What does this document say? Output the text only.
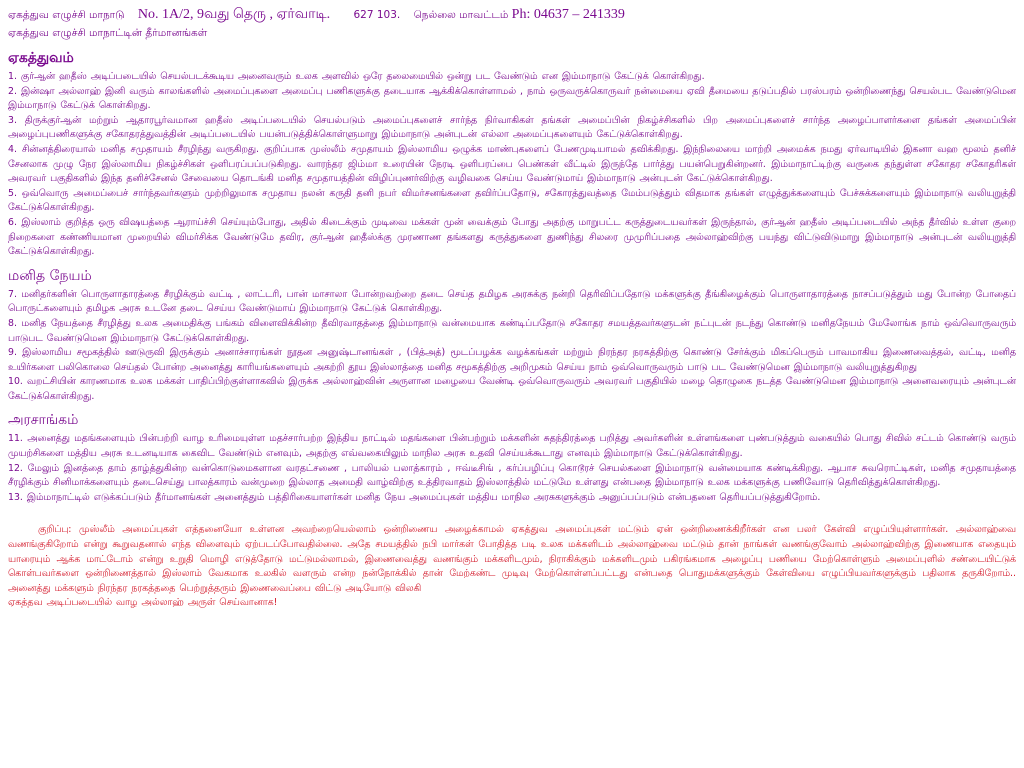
ஏகத்துவ எழுச்சி மாநாடு No. 1A/2, 9வது தெரு , ஏர்வாடி. 627 103. நெல்லை மாவட்டம் Ph: 04637 – 241339
ஏகத்துவ எழுச்சி மாநாட்டின் தீர்மானங்கள்
ஏகத்துவம்

1. குர்ஆன் ஹதீஸ் அடிப்படையில் செயல்படக்கூடிய அனைவரும் உலக அளவில் ஒரே தலைமையில் ஒன்று பட வேண்டும் என இம்மாநாடு கேட்டுக் கொள்கிறது.

2. இன்ஷா அல்லாஹ் இனி வரும் காலங்களில் அமைப்புகளை அமைப்பு பணிகளுக்கு தடையாக ஆக்கிக்கொள்ளாமல் , நாம் ஒருவருக்கொருவர் நன்மையை ஏவி தீமையை தடுப்பதில் பரஸ்பரம் ஒன்றிணைந்து செயல்பட வேண்டுமென இம்மாநாடு கேட்டுக் கொள்கிறது.

3. திருக்குர்ஆன் மற்றும் ஆதாரபூர்வமான ஹதீஸ் அடிப்படையில் செயல்படும் அமைப்புகளைச் சார்ந்த நிர்வாகிகள் தங்கள் அமைப்பின் நிகழ்ச்சிகளில் பிற அமைப்புகளைச் சார்ந்த அழைப்பாளர்களை தங்கள் அமைப்பின் அழைப்புபணிகளுக்கு சகோதரத்துவத்தின் அடிப்படையில் பயன்படுத்திக்கொள்ளுமாறு இம்மாநாடு அன்புடன் எல்லா அமைப்புகளையும் கேட்டுக்கொள்கிறது.

4. சின்னத்திரையால் மனித சமுதாயம் சீரழிந்து வருகிறது. குறிப்பாக முஸ்லீம் சமுதாயம் இஸ்லாமிய ஒழுக்க மாண்புகளைப் பேணமுடியாமல் தவிக்கிறது. இந்நிலையை மாற்றி அமைக்க நமது ஏர்வாடியில் இகனா வஹ மூலம் தனிச் சேனலாக முழு நேர இஸ்லாமிய நிகழ்ச்சிகள் ஒளிபரப்பப்படுகிறது. வாரந்தர ஜிம்மா உரையின் நேரடி ஒளிபரப்பை பெண்கள் வீட்டில் இருந்தே பார்த்து பயன்பெறுகின்றனர். இம்மாநாட்டிற்கு வருகை தந்துள்ள சகோதர சகோதரிகள் அவரவர் பகுதிகளில் இந்த தனிச்சேனல் சேவையை தொடங்கி மனித சமுதாயத்தின் விழிப்புணர்விற்கு வழிவகை செய்ய வேண்டுமாய் இம்மாநாடு அன்புடன் கேட்டுக்கொள்கிறது.

5. ஒவ்வொரு அமைப்பைச் சார்ந்தவர்களும் முற்றிலுமாக சமுதாய நலன் கருதி தனி நபர் விமர்சனங்களை தவிர்ப்பதோடு, சகோரத்துவத்தை மேம்படுத்தும் விதமாக தங்கள் எழுத்துக்களையும் பேச்சுக்களையும் இம்மாநாடு வலியுறுத்தி கேட்டுக்கொள்கிறது.

6. இஸ்லாம் குறித்த ஒரு விஷயத்தை ஆராய்ச்சி செய்யும்போது, அதில் கிடைக்கும் முடிவை மக்கள் முன் வைக்கும் போது அதற்கு மாறுபட்ட கருத்துடையவர்கள் இருந்தால், குர்ஆன் ஹதீஸ் அடிப்படையில் அந்த தீர்வில் உள்ள குறை நிறைகளை கண்ணியமான முறையில் விமர்சிக்க வேண்டுமே தவிர, குர்ஆன் ஹதீஸ்க்கு முரணாண தங்களது கருத்துகளை துணிந்து சிலரை முமுரிப்பதை அல்லாஹ்விற்கு பயந்து விட்டுவிடுமாறு இம்மாநாடு அன்புடன் வலியுறுத்தி கேட்டுக்கொள்கிறது.

மனித நேயம்

7. மனிதர்களின் பொருளாதாரத்தை சீரழிக்கும் வட்டி , லாட்டரி, பான் மாசாலா போன்றவற்றை தடை செய்த தமிழக அரசுக்கு நன்றி தெரிவிப்பதோடு மக்களுக்கு தீங்கிழைக்கும் பொருளாதாரத்தை நாசப்படுத்தும் மது போன்ற போதைப் பொருட்களையும் தமிழக அரசு உடனே தடை செய்ய வேண்டுமாய் இம்மாநாடு கேட்டுக் கொள்கிறது.

8. மனித நேயத்தை சீரழித்து உலக அமைதிக்கு பங்கம் விளைவிக்கின்ற தீவிரவாதத்தை இம்மாநாடு வன்மையாக கண்டிப்பதோடு சகோதர சமயத்தவர்களுடன் நட்புடன் நடந்து கொண்டு மனிதநேயம் மேலோங்க நாம் ஒவ்வொருவரும் பாடுபட வேண்டுமென இம்மாநாடு கேட்டுக்கொள்கிறது.

9. இஸ்லாமிய சமூகத்தில் ஊடுருவி இருக்கும் அனாச்சாரங்கள் நூதன அனுஷ்டானங்கள் , (பித்அத்) மூடப்பழக்க வழக்கங்கள் மற்றும் நிரந்தர நரகத்திற்கு கொண்டு சேர்க்கும் மிகப்பெரும் பாவமாகிய இணைவைத்தல், வட்டி, மனித உயிர்களை பலிகொலை செய்தல் போன்ற அனைத்து காரியங்களையும் அகற்றி தூய இஸ்லாத்தை மனித சமூகத்திற்கு அறிமுகம் செய்ய நாம் ஒவ்வொருவரும் பாடு பட வேண்டுமென இம்மாநாடு வலியுறுத்துகிறது

10. வறட்சியின் காரணமாக உலக மக்கள் பாதிப்பிற்குள்ளாகவில் இருக்க அல்லாஹ்வின் அருளான மழையை வேண்டி ஒவ்வொருவரும் அவரவர் பகுதியில் மழை தொழுகை நடத்த வேண்டுமென இம்மாநாடு அனைவரையும் அன்புடன் கேட்டுக்கொள்கிறது.

அரசாங்கம்

11. அனைத்து மதங்களையும் பின்பற்றி வாழ உரிமையுள்ள மதச்சார்பற்ற இந்திய நாட்டில் மதங்களை பின்பற்றும் மக்களின் சுதந்திரத்தை பறித்து அவர்களின் உள்ளங்களை புண்படுத்தும் வகையில் பொது சிவில் சட்டம் கொண்டு வரும் முயற்சிகளை மத்திய அரசு உடனடியாக கைவிட வேண்டும் எனவும், அதற்கு எவ்வகையிலும் மாநில அரசு உதவி செய்யக்கூடாது எனவும் இம்மாநாடு கேட்டுக்கொள்கிறது.

12. மேலும் இனத்தை தாம் தாழ்த்துகின்ற வன்கொடுமைகளான வரதட்சணை , பாலியல் பலாத்காரம் , ஈவ்டீசிங் , கர்ப்பழிப்பு கொடூரச் செயல்களை இம்மாநாடு வன்மையாக கண்டிக்கிறது. ஆபாச சுவரொட்டிகள், மனித சமுதாயத்தை சீரழிக்கும் சினிமாக்களையும் தடைசெய்து பாலத்காரம் வன்முறை இல்லாத அமைதி வாழ்விற்கு உத்திரவாதம் இஸ்லாத்தில் மட்டுமே உள்ளது என்பதை இம்மாநாடு உலக மக்களுக்கு பணிவோடு தெரிவித்துக்கொள்கிறது.

13. இம்மாநாட்டில் எடுக்கப்படும் தீர்மானங்கள் அனைத்தும் பத்திரிகையாளர்கள் மனித நேய அமைப்புகள் மத்திய மாநில அரசுகளுக்கும் அனுப்பப்படும் என்பதனை தெரியப்படுத்துகிறோம்.

குறிப்பு: முஸ்லீம் அமைப்புகள் எத்தனையோ உள்ளன அவற்றையெல்லாம் ஒன்றிணைய அழைக்காமல் ஏகத்துவ அமைப்புகள் மட்டும் ஏன் ஒன்றிணைக்கிறீர்கள் என பலர் கேள்வி எழுப்பியுள்ளார்கள். அல்லாஹ்வை வணங்குகிறோம் என்று கூறுவதனால் எந்த விளைவும் ஏற்படப்போவதில்லை. அதே சமயத்தில் நபி மார்கள் போதித்த படி உலக மக்களிடம் அல்லாஹ்வை மட்டும் தான் நாங்கள் வணங்குவோம் அல்லாஹ்விற்கு இணையாக எதையும் யாரையும் ஆக்க மாட்டோம் என்று உறுதி மொழி எடுத்தோடு மட்டுமல்லாமல், இணைவைத்து வணங்கும் மக்களிடமும், நிராகிக்கும் மக்களிடமும் பகிரங்கமாக அழைப்பு பணியை மேற்கொள்ளும் அமைப்புளில் சண்டையிட்டுக் கொள்பவர்களை ஒன்றிணைத்தால் இஸ்லாம் வேகமாக உலகில் வளரும் என்ற நன்நோக்கில் தான் மேற்கண்ட முடிவு மேற்கொள்ளப்பட்டது என்பதை பொதுமக்களுக்கும் கேள்வியை எழுப்பியவர்களுக்கும் பதிலாக தருகிறோம்.. அனைத்து மக்களும் நிரந்தர நரகத்ததை பெற்றுத்தரும் இணைவைப்பை விட்டு அடியோடு விலகி

ஏகத்தவ அடிப்படையில் வாழ அல்லாஹ் அருள் செய்வானாக!
